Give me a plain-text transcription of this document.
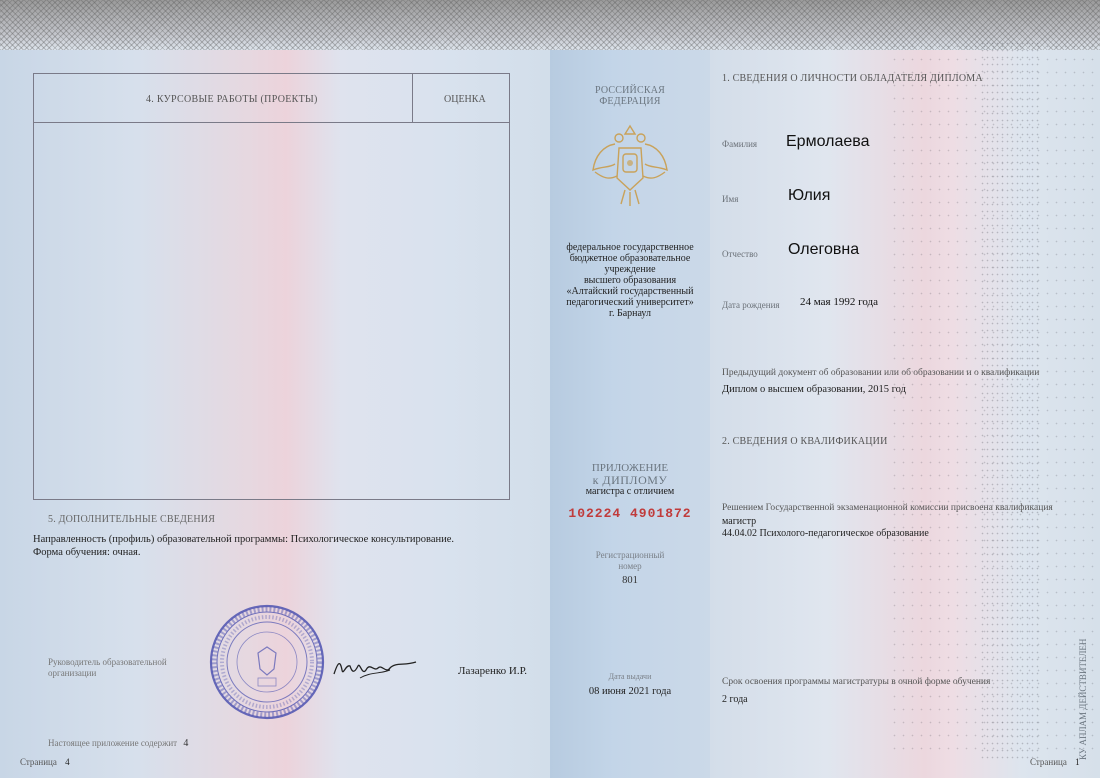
4. КУРСОВЫЕ РАБОТЫ (ПРОЕКТЫ)	ОЦЕНКА
5. ДОПОЛНИТЕЛЬНЫЕ СВЕДЕНИЯ
Направленность (профиль) образовательной программы: Психологическое консультирование.
Форма обучения: очная.
Руководитель образовательной организации	Лазаренко И.Р.
Настоящее приложение содержит 4
Страница 4
РОССИЙСКАЯ
ФЕДЕРАЦИЯ
федеральное государственное
бюджетное образовательное
учреждение
высшего образования
«Алтайский государственный
педагогический университет»
г. Барнаул
ПРИЛОЖЕНИЕ
к ДИПЛОМУ
магистра с отличием
102224 4901872
Регистрационный
номер
801
Дата выдачи
08 июня 2021 года
1. СВЕДЕНИЯ О ЛИЧНОСТИ ОБЛАДАТЕЛЯ ДИПЛОМА
Фамилия Ермолаева
Имя	Юлия
Отчество Олеговна
Дата рождения 24 мая 1992 года
Предыдущий документ об образовании или об образовании и о квалификации
Диплом о высшем образовании, 2015 год
2. СВЕДЕНИЯ О КВАЛИФИКАЦИИ
Решением Государственной экзаменационной комиссии присвоена квалификация
магистр
44.04.02 Психолого-педагогическое образование
Срок освоения программы магистратуры в очной форме обучения
2 года	КУ АПЛАМ ДЕЙСТВИТЕЛЕН
Страница 1
